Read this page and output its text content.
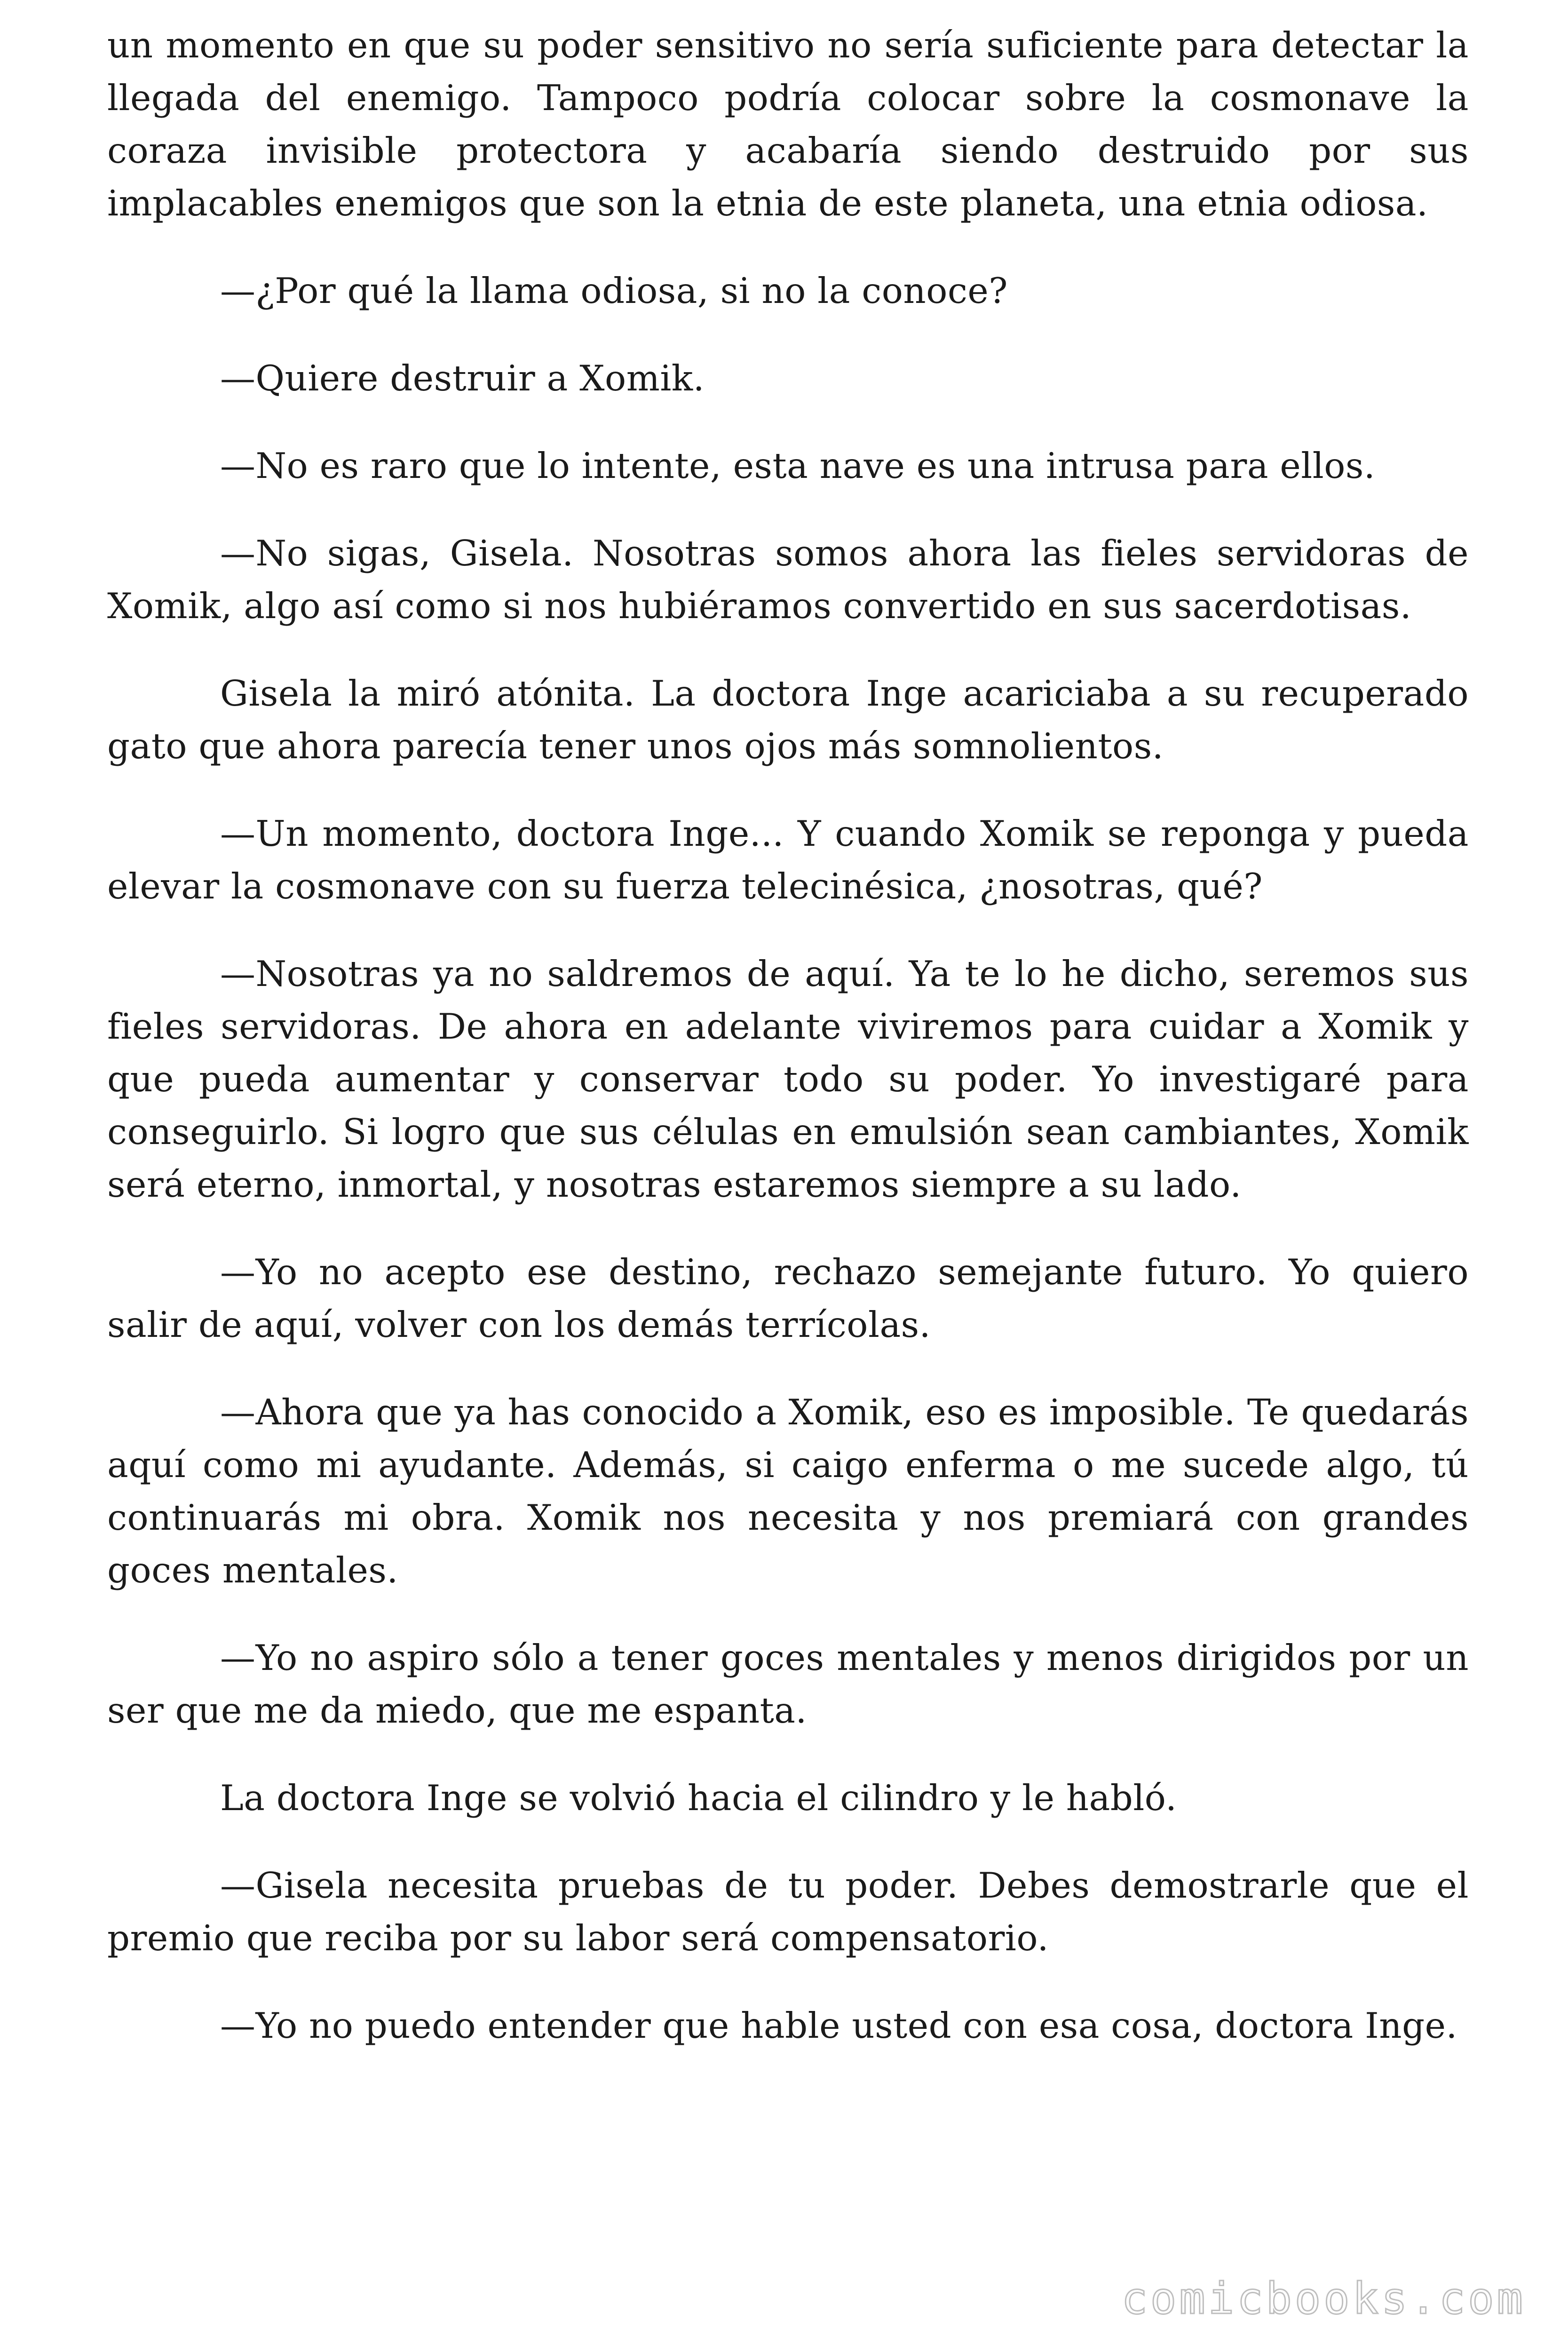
un momento en que su poder sensitivo no sería suficiente para detectar la llegada del enemigo. Tampoco podría colocar sobre la cosmonave la coraza invisible protectora y acabaría siendo destruido por sus implacables enemigos que son la etnia de este planeta, una etnia odiosa.

—¿Por qué la llama odiosa, si no la conoce?

—Quiere destruir a Xomik.

—No es raro que lo intente, esta nave es una intrusa para ellos.

—No sigas, Gisela. Nosotras somos ahora las fieles servidoras de Xomik, algo así como si nos hubiéramos convertido en sus sacerdotisas.

Gisela la miró atónita. La doctora Inge acariciaba a su recuperado gato que ahora parecía tener unos ojos más somnolientos.

—Un momento, doctora Inge... Y cuando Xomik se reponga y pueda elevar la cosmonave con su fuerza telecinésica, ¿nosotras, qué?

—Nosotras ya no saldremos de aquí. Ya te lo he dicho, seremos sus fieles servidoras. De ahora en adelante viviremos para cuidar a Xomik y que pueda aumentar y conservar todo su poder. Yo investigaré para conseguirlo. Si logro que sus células en emulsión sean cambiantes, Xomik será eterno, inmortal, y nosotras estaremos siempre a su lado.

—Yo no acepto ese destino, rechazo semejante futuro. Yo quiero salir de aquí, volver con los demás terrícolas.

—Ahora que ya has conocido a Xomik, eso es imposible. Te quedarás aquí como mi ayudante. Además, si caigo enferma o me sucede algo, tú continuarás mi obra. Xomik nos necesita y nos premiará con grandes goces mentales.

—Yo no aspiro sólo a tener goces mentales y menos dirigidos por un ser que me da miedo, que me espanta.

La doctora Inge se volvió hacia el cilindro y le habló.

—Gisela necesita pruebas de tu poder. Debes demostrarle que el premio que reciba por su labor será compensatorio.

—Yo no puedo entender que hable usted con esa cosa, doctora Inge.

comicbooks.com
